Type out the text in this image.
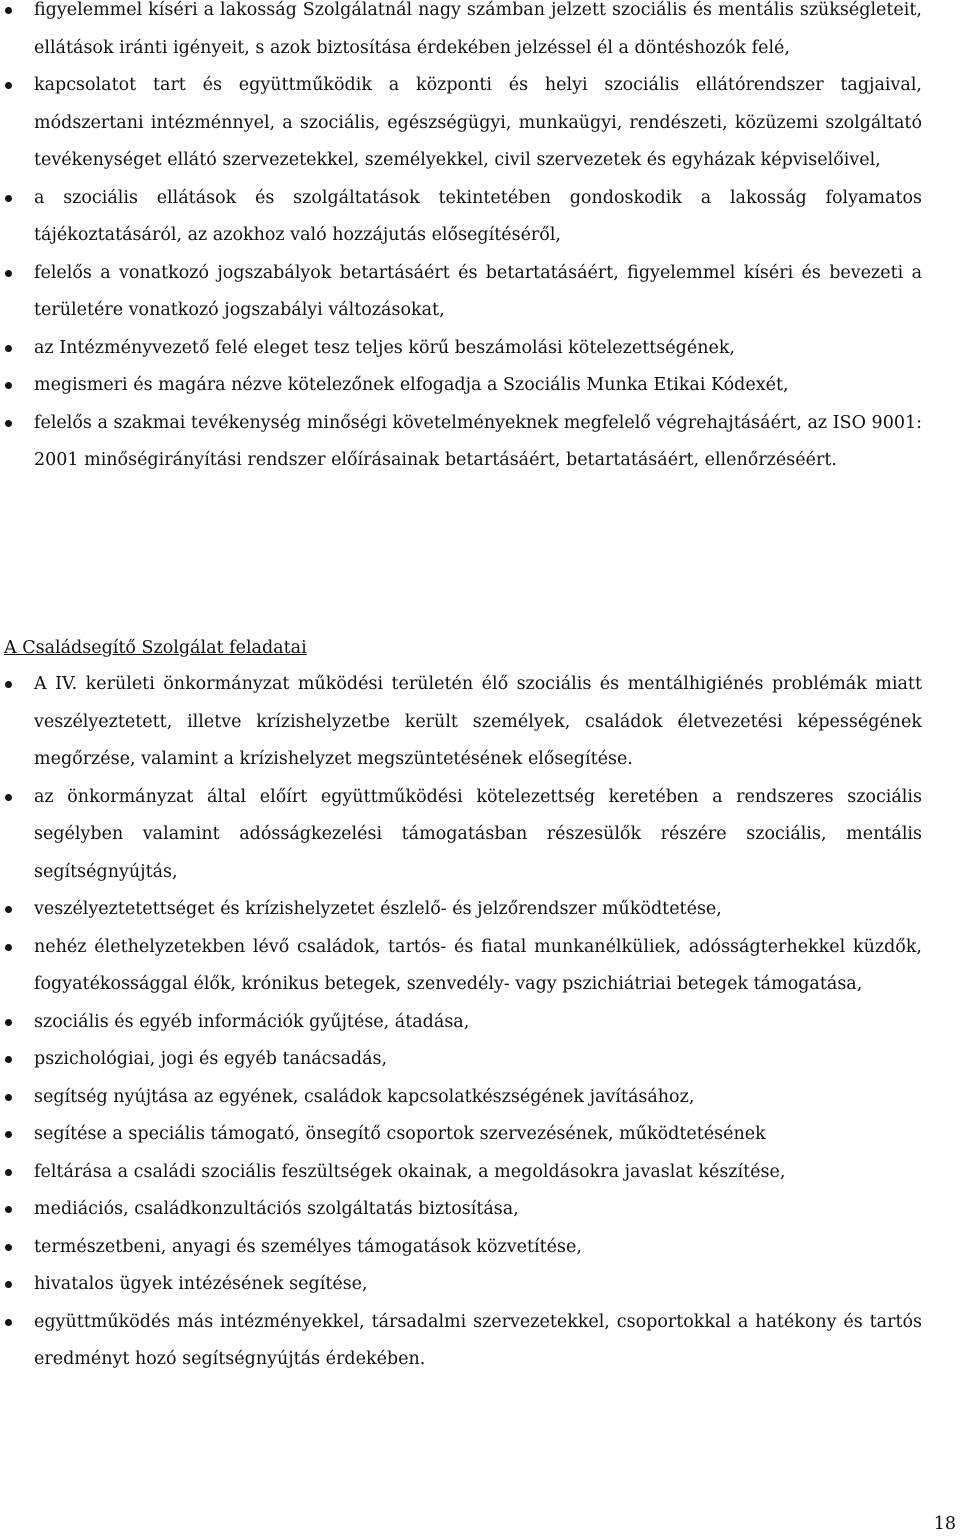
figyelemmel kíséri a lakosság Szolgálatnál nagy számban jelzett szociális és mentális szükségleteit, ellátások iránti igényeit, s azok biztosítása érdekében jelzéssel él a döntéshozók felé,
kapcsolatot tart és együttműködik a központi és helyi szociális ellátórendszer tagjaival, módszertani intézménnyel, a szociális, egészségügyi, munkaügyi, rendészeti, közüzemi szolgáltató tevékenységet ellátó szervezetekkel, személyekkel, civil szervezetek és egyházak képviselőivel,
a szociális ellátások és szolgáltatások tekintetében gondoskodik a lakosság folyamatos tájékoztatásáról, az azokhoz való hozzájutás elősegítéséről,
felelős a vonatkozó jogszabályok betartásáért és betartatásáért, figyelemmel kíséri és bevezeti a területére vonatkozó jogszabályi változásokat,
az Intézményvezető felé eleget tesz teljes körű beszámolási kötelezettségének,
megismeri és magára nézve kötelezőnek elfogadja a Szociális Munka Etikai Kódexét,
felelős a szakmai tevékenység minőségi követelményeknek megfelelő végrehajtásáért, az ISO 9001: 2001 minőségirányítási rendszer előírásainak betartásáért, betartatásáért, ellenőrzéséért.
A Családsegítő Szolgálat feladatai
A IV. kerületi önkormányzat működési területén élő szociális és mentálhigiénés problémák miatt veszélyeztetett, illetve krízishelyzetbe került személyek, családok életvezetési képességének megőrzése, valamint a krízishelyzet megszüntetésének elősegítése.
az önkormányzat által előírt együttműködési kötelezettség keretében a rendszeres szociális segélyben valamint adósságkezelési támogatásban részesülők részére szociális, mentális segítségnyújtás,
veszélyeztetettséget és krízishelyzetet észlelő- és jelzőrendszer működtetése,
nehéz élethelyzetekben lévő családok, tartós- és fiatal munkanélküliek, adósságterhekkel küzdők, fogyatékossággal élők, krónikus betegek, szenvedély- vagy pszichiátriai betegek támogatása,
szociális és egyéb információk gyűjtése, átadása,
pszichológiai, jogi és egyéb tanácsadás,
segítség nyújtása az egyének, családok kapcsolatkészségének javításához,
segítése a speciális támogató, önsegítő csoportok szervezésének, működtetésének
feltárása a családi szociális feszültségek okainak, a megoldásokra javaslat készítése,
mediációs, családkonzultációs szolgáltatás biztosítása,
természetbeni, anyagi és személyes támogatások közvetítése,
hivatalos ügyek intézésének segítése,
együttműködés más intézményekkel, társadalmi szervezetekkel, csoportokkal a hatékony és tartós eredményt hozó segítségnyújtás érdekében.
18
